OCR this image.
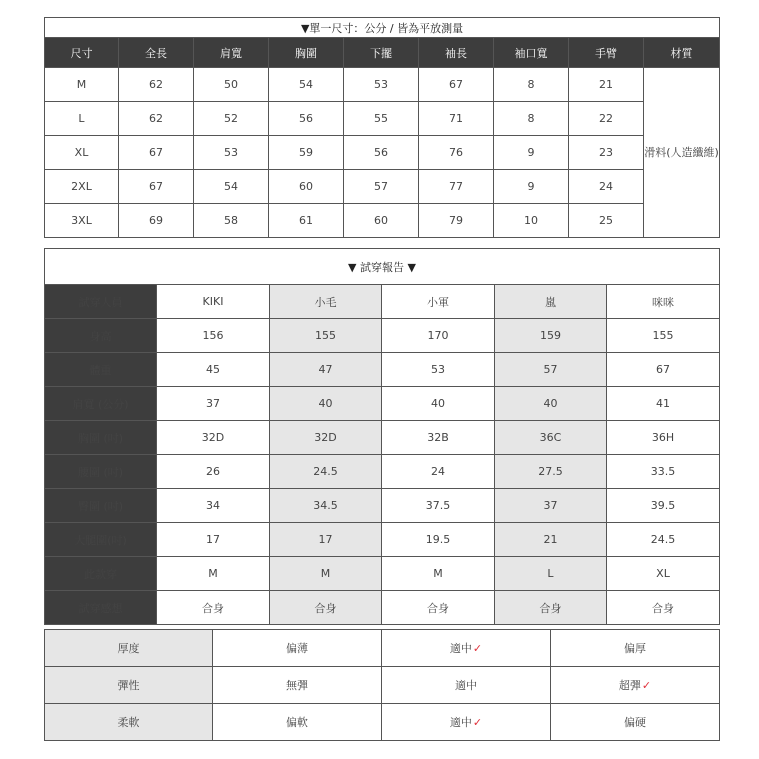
▼單一尺寸：公分 / 皆為平放測量								
尺寸	全長	肩寬	胸圍	下擺	袖長	袖口寬	手臂	材質
M	62	50	54	53	67	8	21	滑料(人造纖維)
L	62	52	56	55	71	8	22	
XL	67	53	59	56	76	9	23	
2XL	67	54	60	57	77	9	24	
3XL	69	58	61	60	79	10	25	
▼ 試穿報告 ▼					
試穿人員	KIKI	小毛	小軍	嵐	咪咪
身高	156	155	170	159	155
體重	45	47	53	57	67
肩寬 (公分)	37	40	40	40	41
胸圍 (吋)	32D	32D	32B	36C	36H
腰圍 (吋)	26	24.5	24	27.5	33.5
臀圍 (吋)	34	34.5	37.5	37	39.5
大腿圍(吋)	17	17	19.5	21	24.5
此款穿	M	M	M	L	XL
試穿感想	合身	合身	合身	合身	合身
厚度	偏薄	適中✓	偏厚
彈性	無彈	適中	超彈✓
柔軟	偏軟	適中✓	偏硬
